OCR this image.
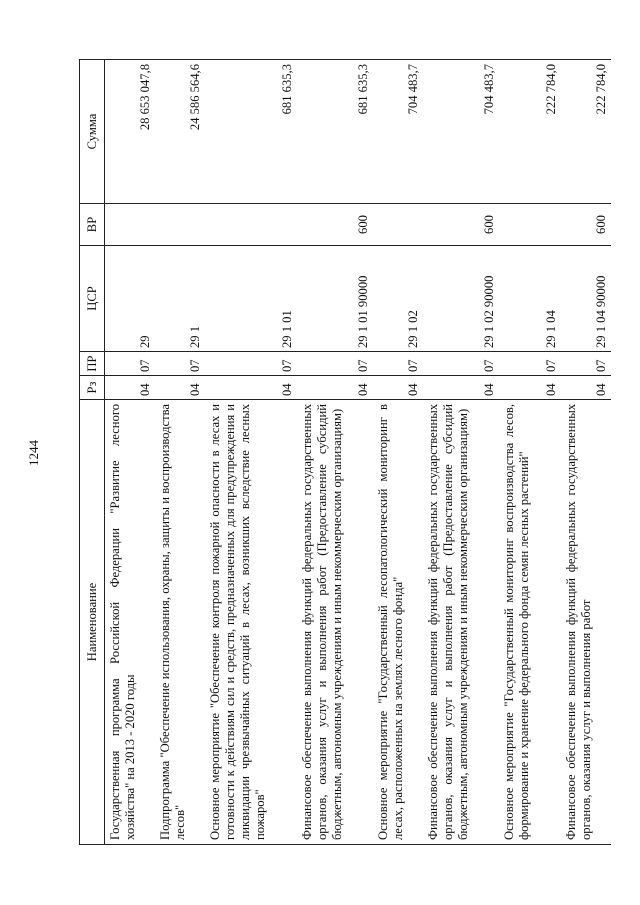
1244
Наименование	Рз	ПР	ЦСР	ВР	Сумма
Государственная программа Российской Федерации "Развитие лесного хозяйства" на 2013 - 2020 годы	04	07	29		28 653 047,8
Подпрограмма "Обеспечение использования, охраны, защиты и воспроизводства лесов"	04	07	29 1		24 586 564,6
Основное мероприятие "Обеспечение контроля пожарной опасности в лесах и готовности к действиям сил и средств, предназначенных для предупреждения и ликвидации чрезвычайных ситуаций в лесах, возникших вследствие лесных пожаров"	04	07	29 1 01		681 635,3
Финансовое обеспечение выполнения функций федеральных государственных органов, оказания услуг и выполнения работ (Предоставление субсидий бюджетным, автономным учреждениям и иным некоммерческим организациям)	04	07	29 1 01 90000	600	681 635,3
Основное мероприятие "Государственный лесопатологический мониторинг в лесах, расположенных на землях лесного фонда"	04	07	29 1 02		704 483,7
Финансовое обеспечение выполнения функций федеральных государственных органов, оказания услуг и выполнения работ (Предоставление субсидий бюджетным, автономным учреждениям и иным некоммерческим организациям)	04	07	29 1 02 90000	600	704 483,7
Основное мероприятие "Государственный мониторинг воспроизводства лесов, формирование и хранение федерального фонда семян лесных растений"	04	07	29 1 04		222 784,0
Финансовое обеспечение выполнения функций федеральных государственных органов, оказания услуг и выполнения работ	04	07	29 1 04 90000	600	222 784,0
